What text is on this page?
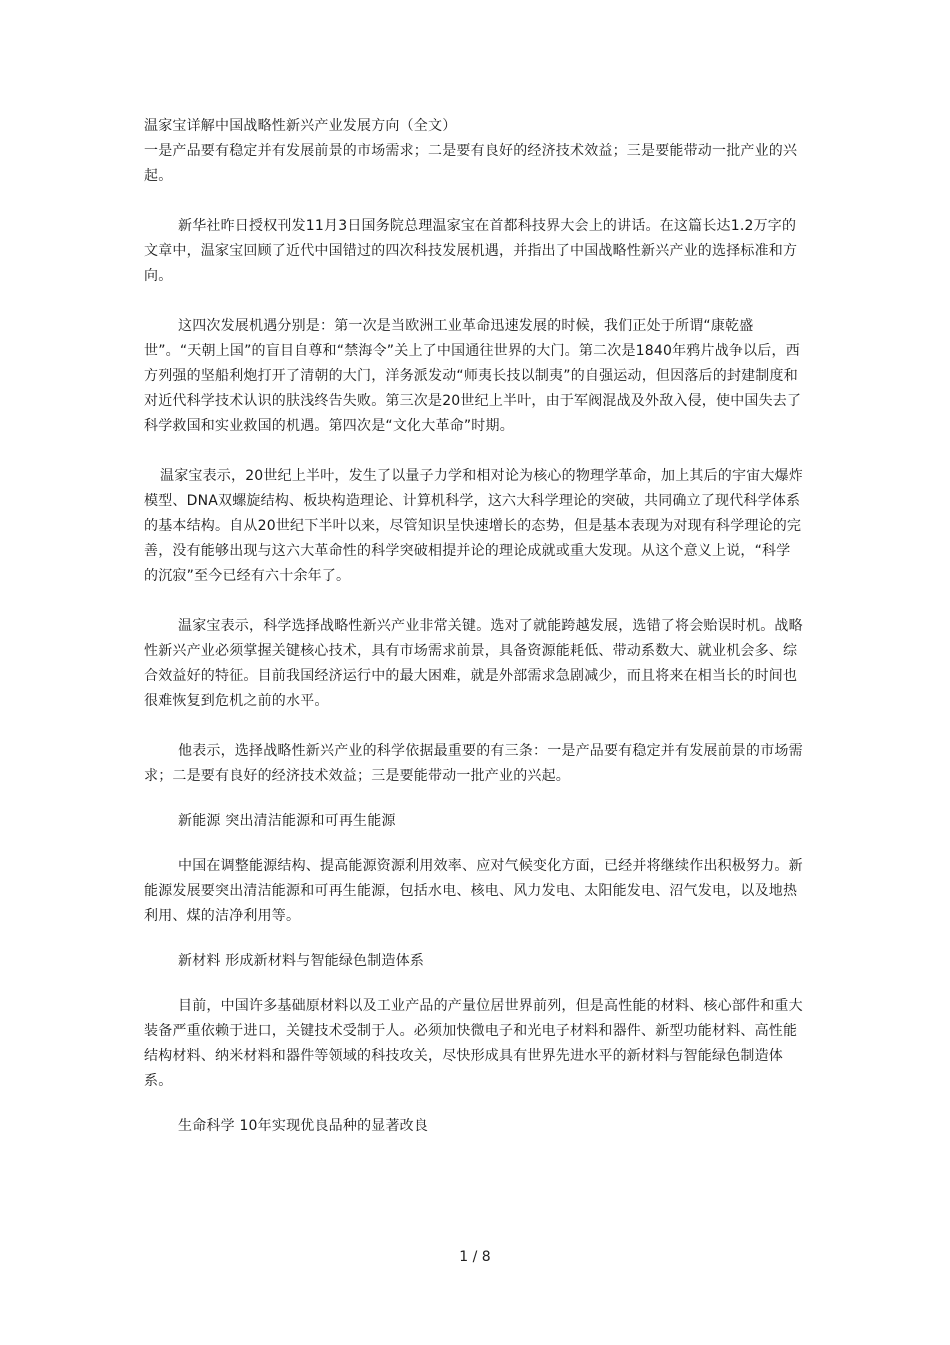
温家宝详解中国战略性新兴产业发展方向（全文）

一是产品要有稳定并有发展前景的市场需求；二是要有良好的经济技术效益；三是要能带动一批产业的兴起。

新华社昨日授权刊发11月3日国务院总理温家宝在首都科技界大会上的讲话。在这篇长达1.2万字的文章中，温家宝回顾了近代中国错过的四次科技发展机遇，并指出了中国战略性新兴产业的选择标准和方向。

这四次发展机遇分别是：第一次是当欧洲工业革命迅速发展的时候，我们正处于所谓“康乾盛世”。“天朝上国”的盲目自尊和“禁海令”关上了中国通往世界的大门。第二次是1840年鸦片战争以后，西方列强的坚船利炮打开了清朝的大门，洋务派发动“师夷长技以制夷”的自强运动，但因落后的封建制度和对近代科学技术认识的肤浅终告失败。第三次是20世纪上半叶，由于军阀混战及外敌入侵，使中国失去了科学救国和实业救国的机遇。第四次是“文化大革命”时期。

温家宝表示，20世纪上半叶，发生了以量子力学和相对论为核心的物理学革命，加上其后的宇宙大爆炸模型、DNA双螺旋结构、板块构造理论、计算机科学，这六大科学理论的突破，共同确立了现代科学体系的基本结构。自从20世纪下半叶以来，尽管知识呈快速增长的态势，但是基本表现为对现有科学理论的完善，没有能够出现与这六大革命性的科学突破相提并论的理论成就或重大发现。从这个意义上说，“科学的沉寂”至今已经有六十余年了。

温家宝表示，科学选择战略性新兴产业非常关键。选对了就能跨越发展，选错了将会贻误时机。战略性新兴产业必须掌握关键核心技术，具有市场需求前景，具备资源能耗低、带动系数大、就业机会多、综合效益好的特征。目前我国经济运行中的最大困难，就是外部需求急剧减少，而且将来在相当长的时间也很难恢复到危机之前的水平。

他表示，选择战略性新兴产业的科学依据最重要的有三条：一是产品要有稳定并有发展前景的市场需求；二是要有良好的经济技术效益；三是要能带动一批产业的兴起。

新能源 突出清洁能源和可再生能源

中国在调整能源结构、提高能源资源利用效率、应对气候变化方面，已经并将继续作出积极努力。新能源发展要突出清洁能源和可再生能源，包括水电、核电、风力发电、太阳能发电、沼气发电，以及地热利用、煤的洁净利用等。

新材料 形成新材料与智能绿色制造体系

目前，中国许多基础原材料以及工业产品的产量位居世界前列，但是高性能的材料、核心部件和重大装备严重依赖于进口，关键技术受制于人。必须加快微电子和光电子材料和器件、新型功能材料、高性能结构材料、纳米材料和器件等领域的科技攻关，尽快形成具有世界先进水平的新材料与智能绿色制造体系。

生命科学 10年实现优良品种的显著改良

1 / 8
